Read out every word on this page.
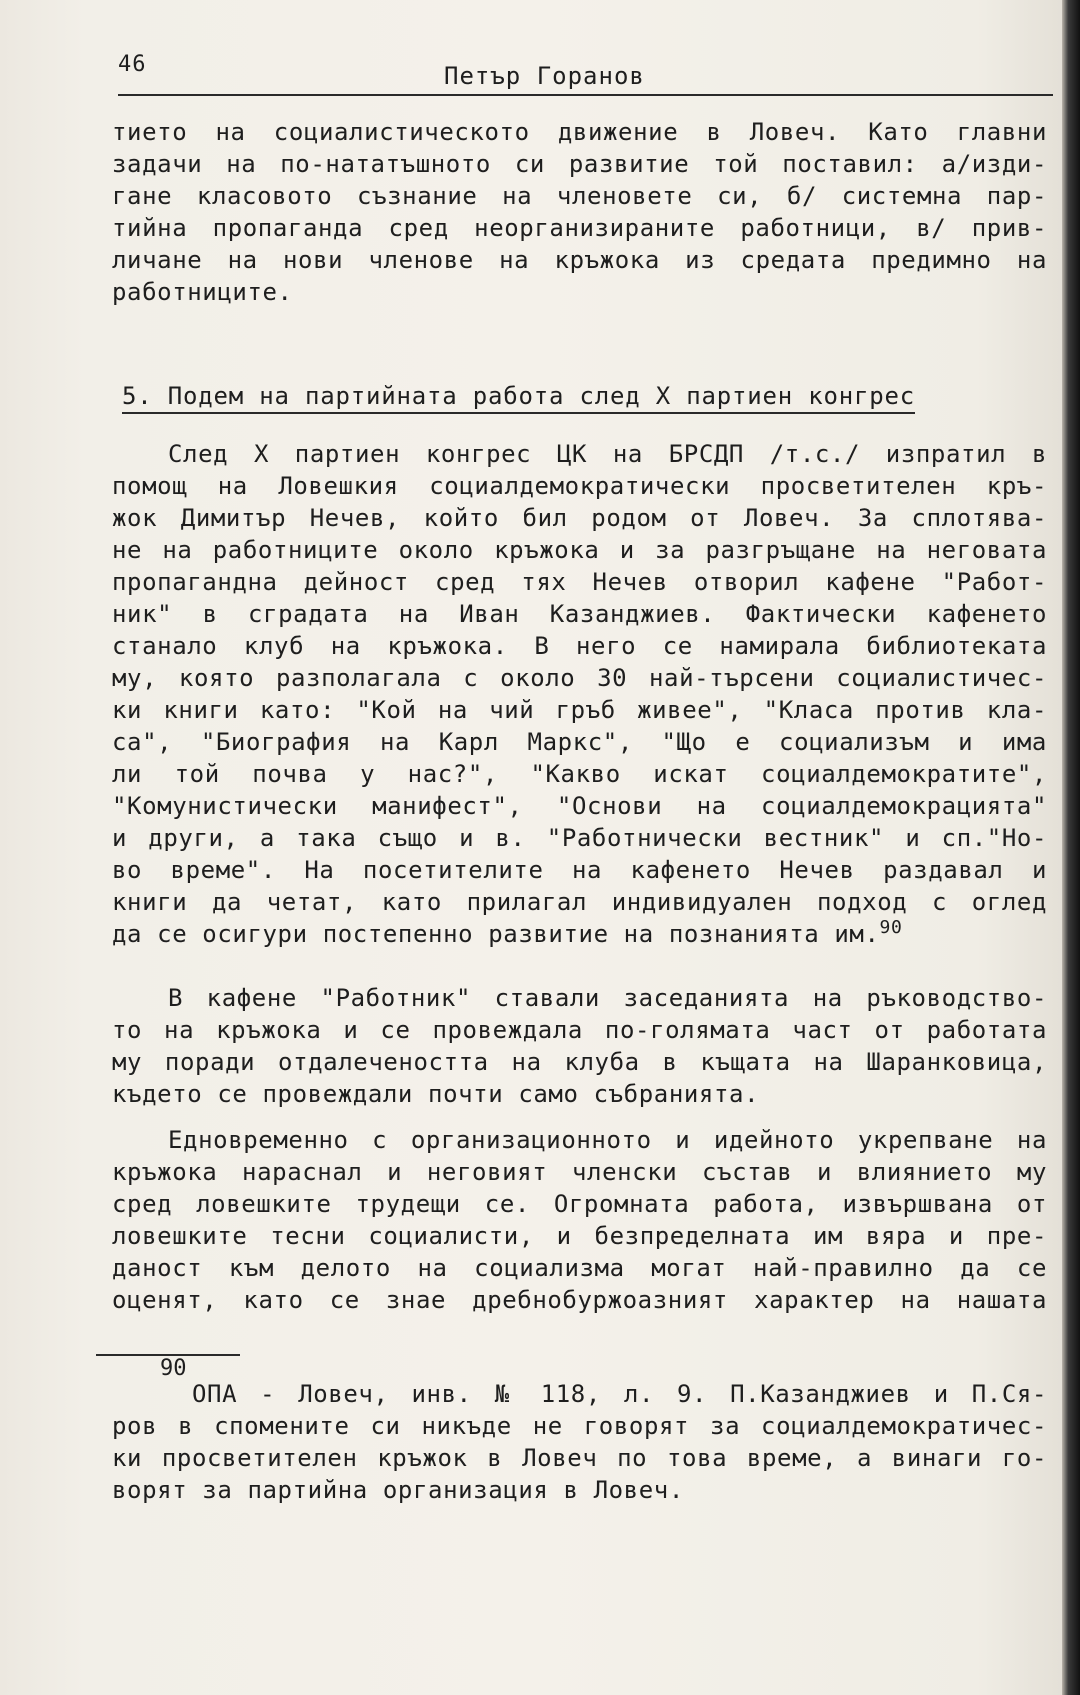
46	Петър Горанов
тието на социалистическото движение в Ловеч. Като главни
задачи на по-нататъшното си развитие той поставил: а/изди-
гане класовото съзнание на членовете си, б/ системна пар-
тийна пропаганда сред неорганизираните работници, в/ прив-
личане на нови членове на кръжока из средата предимно на
работниците.
5. Подем на партийната работа след X партиен конгрес
След X партиен конгрес ЦК на БРСДП /т.с./ изпратил в
помощ на Ловешкия социалдемократически просветителен кръ-
жок Димитър Нечев, който бил родом от Ловеч. За сплотява-
не на работниците около кръжока и за разгръщане на неговата
пропагандна дейност сред тях Нечев отворил кафене "Работ-
ник" в сградата на Иван Казанджиев. Фактически кафенето
станало клуб на кръжока. В него се намирала библиотеката
му, която разполагала с около 30 най-търсени социалистичес-
ки книги като: "Кой на чий гръб живее", "Класа против кла-
са", "Биография на Карл Маркс", "Що е социализъм и има
ли той почва у нас?", "Какво искат социалдемократите",
"Комунистически манифест", "Основи на социалдемокрацията"
и други, а така също и в. "Работнически вестник" и сп."Но-
во време". На посетителите на кафенето Нечев раздавал и
книги да четат, като прилагал индивидуален подход с оглед
да се осигури постепенно развитие на познанията им.$^{90}$
В кафене "Работник" ставали заседанията на ръководство-
то на кръжока и се провеждала по-голямата част от работата
му поради отдалечеността на клуба в къщата на Шаранковица,
където се провеждали почти само събранията.
Едновременно с организационното и идейното укрепване на
кръжока нараснал и неговият членски състав и влиянието му
сред ловешките трудещи се. Огромната работа, извършвана от
ловешките тесни социалисти, и безпределната им вяра и пре-
даност към делото на социализма могат най-правилно да се
оценят, като се знае дребнобуржоазният характер на нашата
90
ОПА - Ловеч, инв. № 118, л. 9. П.Казанджиев и П.Ся-
ров в спомените си никъде не говорят за социалдемократичес-
ки просветителен кръжок в Ловеч по това време, а винаги го-
ворят за партийна организация в Ловеч.
